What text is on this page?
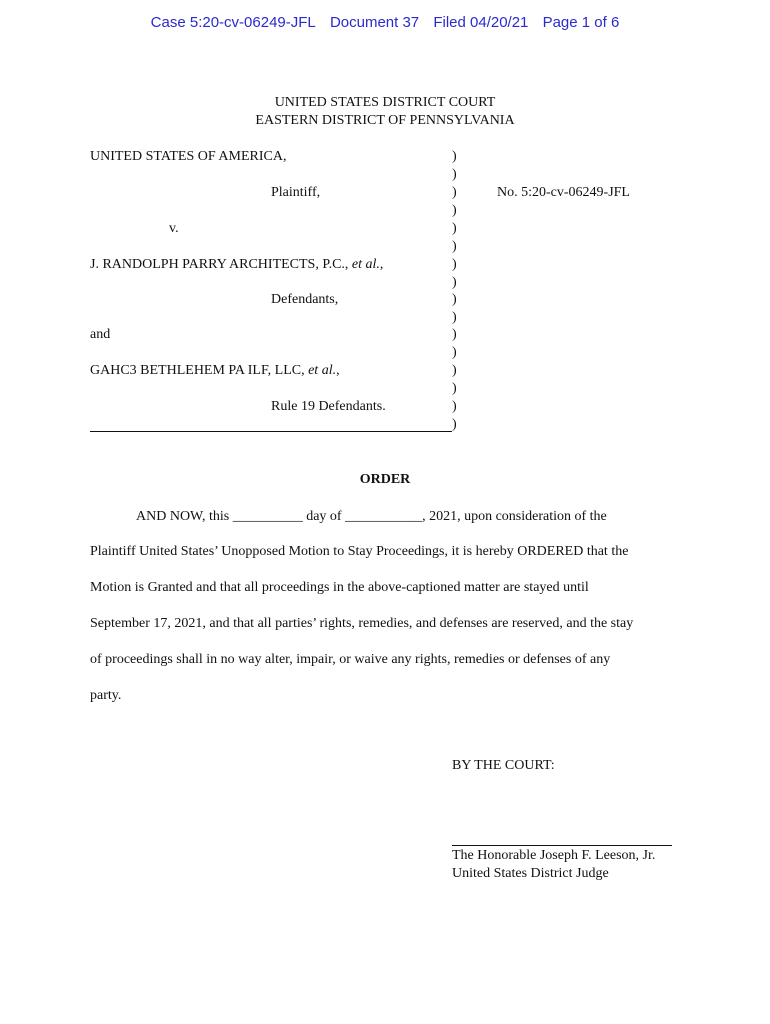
Case 5:20-cv-06249-JFL Document 37 Filed 04/20/21 Page 1 of 6
UNITED STATES DISTRICT COURT
EASTERN DISTRICT OF PENNSYLVANIA
UNITED STATES OF AMERICA,
Plaintiff,
v.
J. RANDOLPH PARRY ARCHITECTS, P.C., et al.,
Defendants,
and
GAHC3 BETHLEHEM PA ILF, LLC, et al.,
Rule 19 Defendants.
)
)
)
)
)
)
)
)
)
)
)
)
)
)
)
)
No. 5:20-cv-06249-JFL
ORDER
AND NOW, this __________ day of ___________, 2021, upon consideration of the
Plaintiff United States’ Unopposed Motion to Stay Proceedings, it is hereby ORDERED that the
Motion is Granted and that all proceedings in the above-captioned matter are stayed until
September 17, 2021, and that all parties’ rights, remedies, and defenses are reserved, and the stay
of proceedings shall in no way alter, impair, or waive any rights, remedies or defenses of any
party.
BY THE COURT:
The Honorable Joseph F. Leeson, Jr.
United States District Judge
